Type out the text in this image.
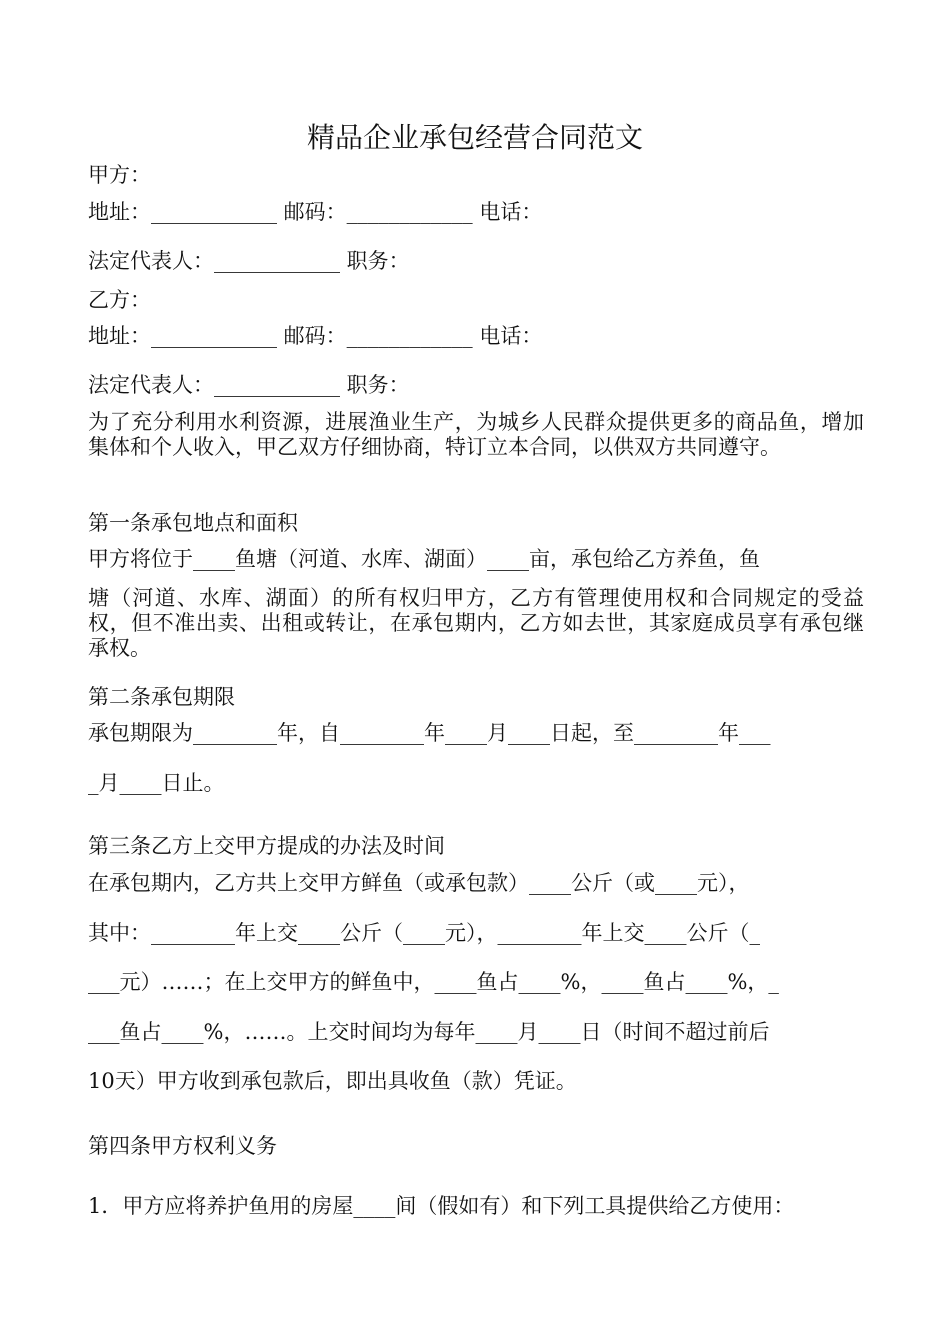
精品企业承包经营合同范文
甲方：
地址：____________ 邮码：____________ 电话：
法定代表人：____________ 职务：
乙方：
地址：____________ 邮码：____________ 电话：
法定代表人：____________ 职务：
为了充分利用水利资源，进展渔业生产，为城乡人民群众提供更多的商品鱼，增加集体和个人收入，甲乙双方仔细协商，特订立本合同，以供双方共同遵守。
第一条承包地点和面积
甲方将位于____鱼塘（河道、水库、湖面）____亩，承包给乙方养鱼，鱼
塘（河道、水库、湖面）的所有权归甲方，乙方有管理使用权和合同规定的受益权，但不准出卖、出租或转让，在承包期内，乙方如去世，其家庭成员享有承包继承权。
第二条承包期限
承包期限为________年，自________年____月____日起，至________年___
_月____日止。
第三条乙方上交甲方提成的办法及时间
在承包期内，乙方共上交甲方鲜鱼（或承包款）____公斤（或____元），
其中：________年上交____公斤（____元），________年上交____公斤（_
___元）……；在上交甲方的鲜鱼中，____鱼占____%，____鱼占____%，_
___鱼占____%，……。上交时间均为每年____月____日（时间不超过前后
10天）甲方收到承包款后，即出具收鱼（款）凭证。
第四条甲方权利义务
1．甲方应将养护鱼用的房屋____间（假如有）和下列工具提供给乙方使用：
